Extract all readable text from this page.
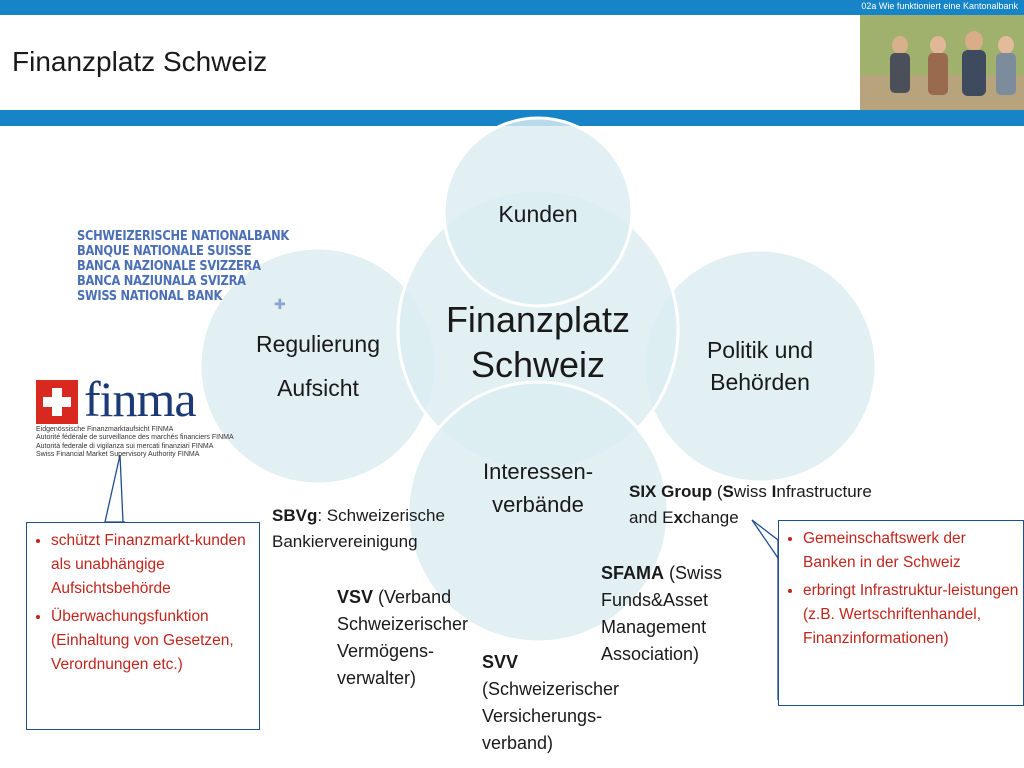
02a Wie funktioniert eine Kantonalbank
Finanzplatz Schweiz
Finanzplatz
Schweiz
Kunden
Politik und
Behörden
Interessen-
verbände
Regulierung
Aufsicht
SCHWEIZERISCHE NATIONALBANK
BANQUE NATIONALE SUISSE
BANCA NAZIONALE SVIZZERA
BANCA NAZIUNALA SVIZRA
SWISS NATIONAL BANK	✚
finma
Eidgenössische Finanzmarktaufsicht FINMA
Autorité fédérale de surveillance des marchés financiers FINMA
Autorità federale di vigilanza sui mercati finanziari FINMA
Swiss Financial Market Supervisory Authority FINMA
• schützt Finanzmarkt-kunden als unabhängige Aufsichtsbehörde
• Überwachungsfunktion (Einhaltung von Gesetzen, Verordnungen etc.)
• Gemeinschaftswerk der Banken in der Schweiz
• erbringt Infrastruktur-leistungen (z.B. Wertschriftenhandel, Finanzinformationen)
SBVg: Schweizerische
Bankiervereinigung
SIX Group (Swiss Infrastructure
and Exchange
VSV (Verband
Schweizerischer
Vermögens-
verwalter)
SFAMA (Swiss
Funds&Asset
Management
Association)
SVV
(Schweizerischer
Versicherungs-
verband)
